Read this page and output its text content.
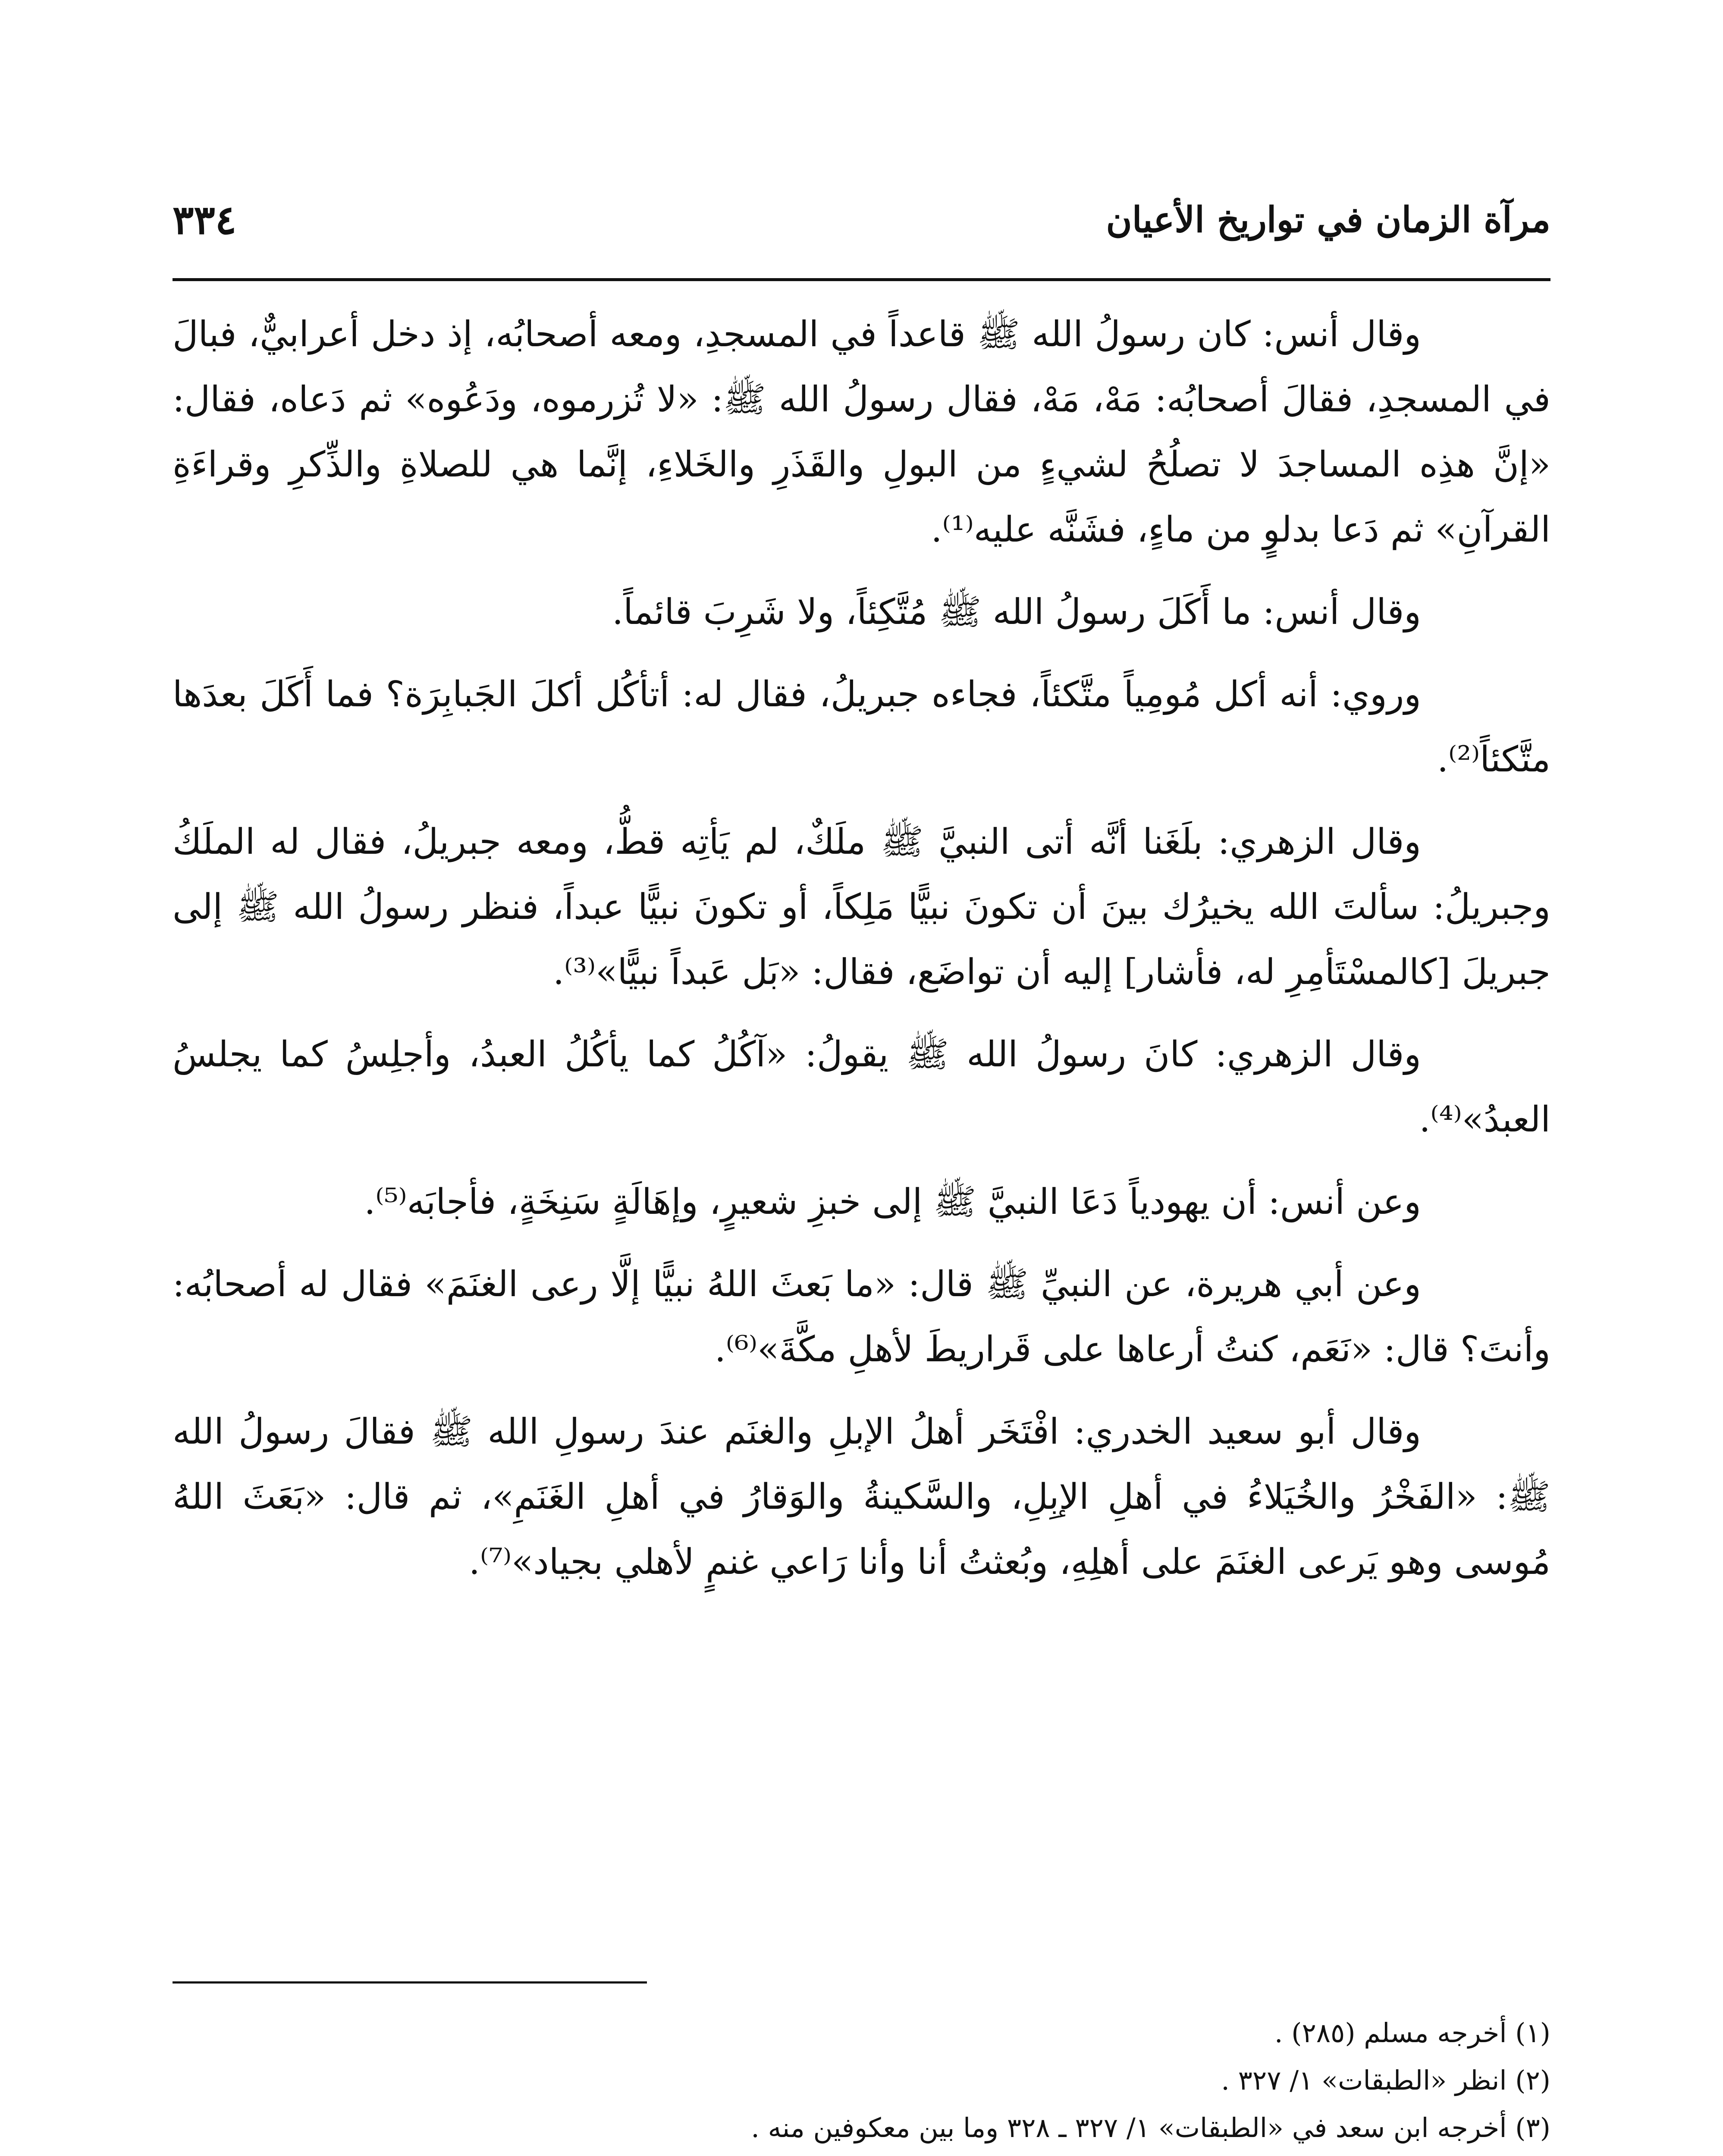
مرآة الزمان في تواريخ الأعيان
٣٣٤

وقال أنس: كان رسولُ الله ﷺ قاعداً في المسجدِ، ومعه أصحابُه، إذ دخل أعرابيٌّ، فبالَ في المسجدِ، فقالَ أصحابُه: مَهْ، مَهْ، فقال رسولُ الله ﷺ: «لا تُزرموه، ودَعُوه» ثم دَعاه، فقال: «إنَّ هذِه المساجدَ لا تصلُحُ لشيءٍ من البولِ والقَذَرِ والخَلاءِ، إنَّما هي للصلاةِ والذِّكرِ وقراءَةِ القرآنِ» ثم دَعا بدلوٍ من ماءٍ، فشَنَّه عليه⁽¹⁾.

وقال أنس: ما أَكَلَ رسولُ الله ﷺ مُتَّكِئاً، ولا شَرِبَ قائماً.

وروي: أنه أكل مُومِياً متَّكئاً، فجاءه جبريلُ، فقال له: أتأكُل أكلَ الجَبابِرَة؟ فما أَكَلَ بعدَها متَّكئاً⁽²⁾.

وقال الزهري: بلَغَنا أنَّه أتى النبيَّ ﷺ ملَكٌ، لم يَأتِه قطُّ، ومعه جبريلُ، فقال له الملَكُ وجبريلُ: سألتَ الله يخيرُك بينَ أن تكونَ نبيًّا مَلِكاً، أو تكونَ نبيًّا عبداً، فنظر رسولُ الله ﷺ إلى جبريلَ [كالمسْتَأمِرِ له، فأشار] إليه أن تواضَع، فقال: «بَل عَبداً نبيًّا»⁽³⁾.

وقال الزهري: كانَ رسولُ الله ﷺ يقولُ: «آكُلُ كما يأكُلُ العبدُ، وأجلِسُ كما يجلسُ العبدُ»⁽⁴⁾.

وعن أنس: أن يهودياً دَعَا النبيَّ ﷺ إلى خبزِ شعيرٍ، وإهَالَةٍ سَنِخَةٍ، فأجابَه⁽⁵⁾.

وعن أبي هريرة، عن النبيِّ ﷺ قال: «ما بَعثَ اللهُ نبيًّا إلَّا رعى الغنَمَ» فقال له أصحابُه: وأنتَ؟ قال: «نَعَم، كنتُ أرعاها على قَراريطَ لأهلِ مكَّةَ»⁽⁶⁾.

وقال أبو سعيد الخدري: افْتَخَر أهلُ الإبلِ والغنَم عندَ رسولِ الله ﷺ فقالَ رسولُ الله ﷺ: «الفَخْرُ والخُيَلاءُ في أهلِ الإبِلِ، والسَّكينةُ والوَقارُ في أهلِ الغَنَمِ»، ثم قال: «بَعَثَ اللهُ مُوسى وهو يَرعى الغنَمَ على أهلِهِ، وبُعثتُ أنا وأنا رَاعي غنمٍ لأهلي بجياد»⁽⁷⁾.

(١) أخرجه مسلم (٢٨٥) .
(٢) انظر «الطبقات» ١/ ٣٢٧ .
(٣) أخرجه ابن سعد في «الطبقات» ١/ ٣٢٧ ـ ٣٢٨ وما بين معكوفين منه .
